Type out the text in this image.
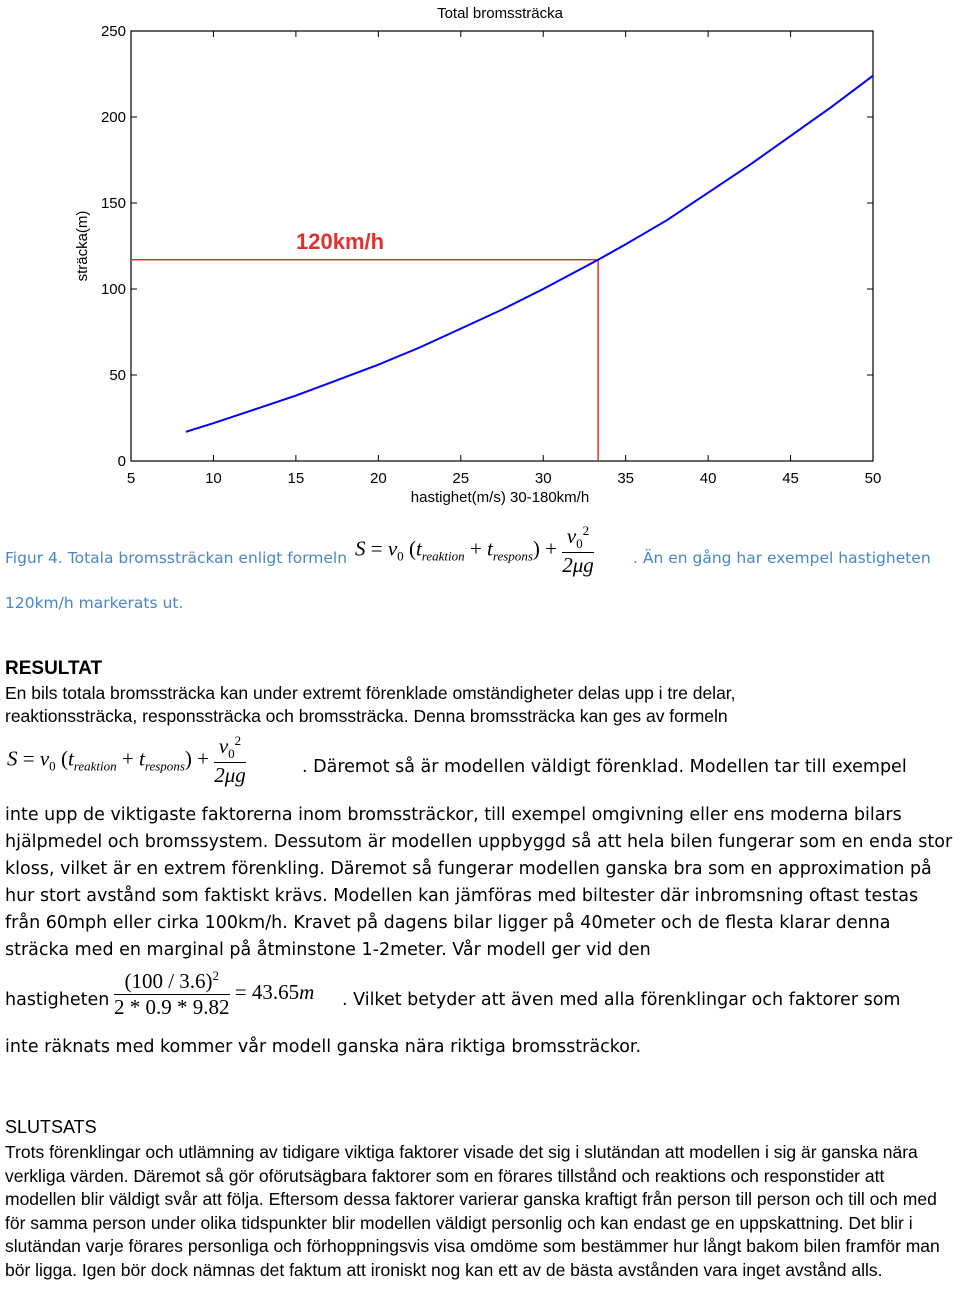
Total bromssträcka
5	10	15	20	25	30	35	40	45	50
0
50
100
150
200
250
120km/h
hastighet(m/s) 30-180km/h
sträcka(m)
Figur 4. Totala bromssträckan enligt formeln $S = v_0$ $(t_{reaktion} + t_{respons}) + \frac{v_0^2}{2\mu g}$	. Än en gång har exempel hastigheten
120km/h markerats ut.
RESULTAT
En bils totala bromssträcka kan under extremt förenklade omständigheter delas upp i tre delar,
reaktionssträcka, responssträcka och bromssträcka. Denna bromssträcka kan ges av formeln
$S = v_0$ $(t_{reaktion} + t_{respons}) + \frac{v_0^2}{2\mu g}$	. Däremot så är modellen väldigt förenklad. Modellen tar till exempel
inte upp de viktigaste faktorerna inom bromssträckor, till exempel omgivning eller ens moderna bilars hjälpmedel och bromssystem. Dessutom är modellen uppbyggd så att hela bilen fungerar som en enda stor kloss, vilket är en extrem förenkling. Däremot så fungerar modellen ganska bra som en approximation på hur stort avstånd som faktiskt krävs. Modellen kan jämföras med biltester där inbromsning oftast testas från 60mph eller cirka 100km/h. Kravet på dagens bilar ligger på 40meter och de flesta klarar denna sträcka med en marginal på åtminstone 1-2meter. Vår modell ger vid den
hastigheten $\frac{(100 / 3.6)^2}{2 * 0.9 * 9.82} = 43.65m$ . Vilket betyder att även med alla förenklingar och faktorer som
inte räknats med kommer vår modell ganska nära riktiga bromssträckor.
SLUTSATS
Trots förenklingar och utlämning av tidigare viktiga faktorer visade det sig i slutändan att modellen i sig är ganska nära verkliga värden. Däremot så gör oförutsägbara faktorer som en förares tillstånd och reaktions och responstider att modellen blir väldigt svår att följa. Eftersom dessa faktorer varierar ganska kraftigt från person till person och till och med för samma person under olika tidspunkter blir modellen väldigt personlig och kan endast ge en uppskattning. Det blir i slutändan varje förares personliga och förhoppningsvis visa omdöme som bestämmer hur långt bakom bilen framför man bör ligga. Igen bör dock nämnas det faktum att ironiskt nog kan ett av de bästa avstånden vara inget avstånd alls.
